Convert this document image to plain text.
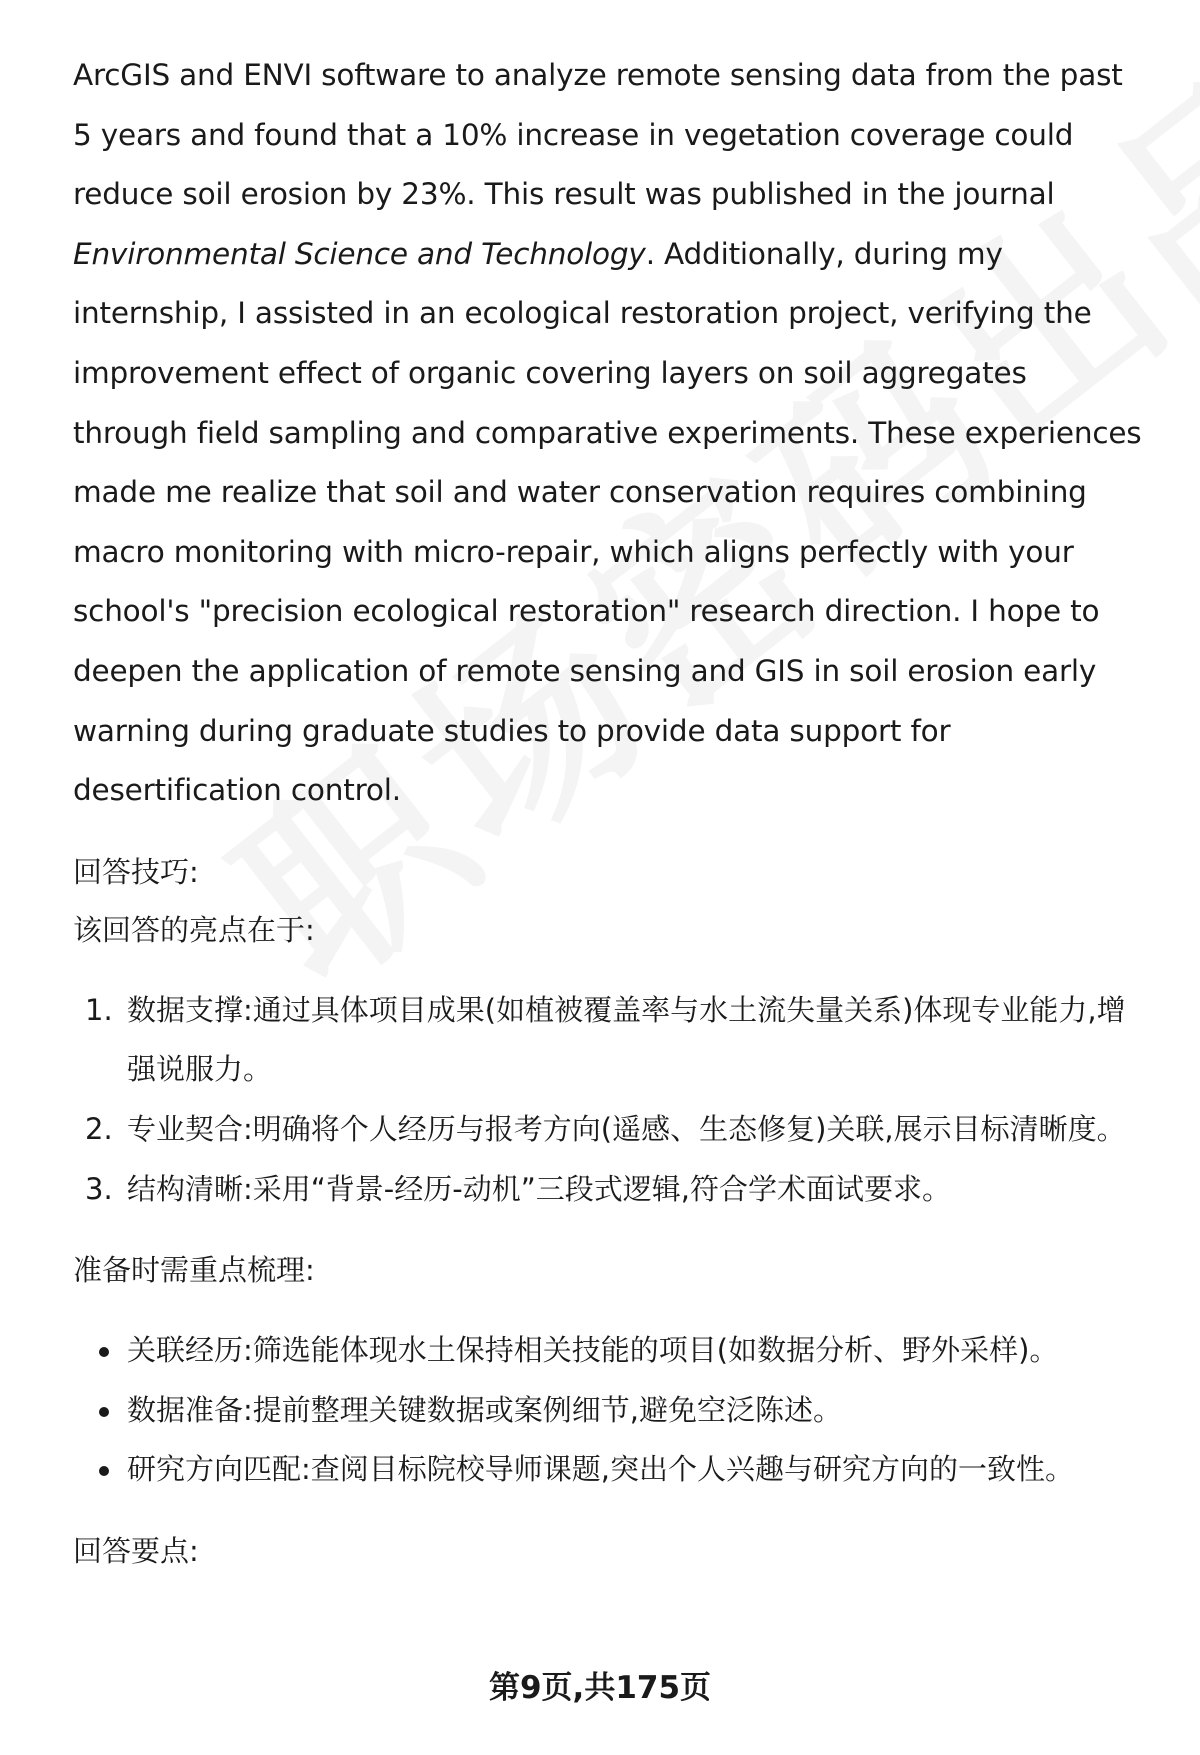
ArcGIS and ENVI software to analyze remote sensing data from the past 5 years and found that a 10% increase in vegetation coverage could reduce soil erosion by 23%. This result was published in the journal Environmental Science and Technology. Additionally, during my internship, I assisted in an ecological restoration project, verifying the improvement effect of organic covering layers on soil aggregates through field sampling and comparative experiments. These experiences made me realize that soil and water conservation requires combining macro monitoring with micro-repair, which aligns perfectly with your school's "precision ecological restoration" research direction. I hope to deepen the application of remote sensing and GIS in soil erosion early warning during graduate studies to provide data support for desertification control.

回答技巧:

该回答的亮点在于:

1. 数据支撑:通过具体项目成果(如植被覆盖率与水土流失量关系)体现专业能力,增强说服力。
2. 专业契合:明确将个人经历与报考方向(遥感、生态修复)关联,展示目标清晰度。
3. 结构清晰:采用“背景-经历-动机”三段式逻辑,符合学术面试要求。

准备时需重点梳理:

关联经历:筛选能体现水土保持相关技能的项目(如数据分析、野外采样)。
数据准备:提前整理关键数据或案例细节,避免空泛陈述。
研究方向匹配:查阅目标院校导师课题,突出个人兴趣与研究方向的一致性。

回答要点:

第9页,共175页
